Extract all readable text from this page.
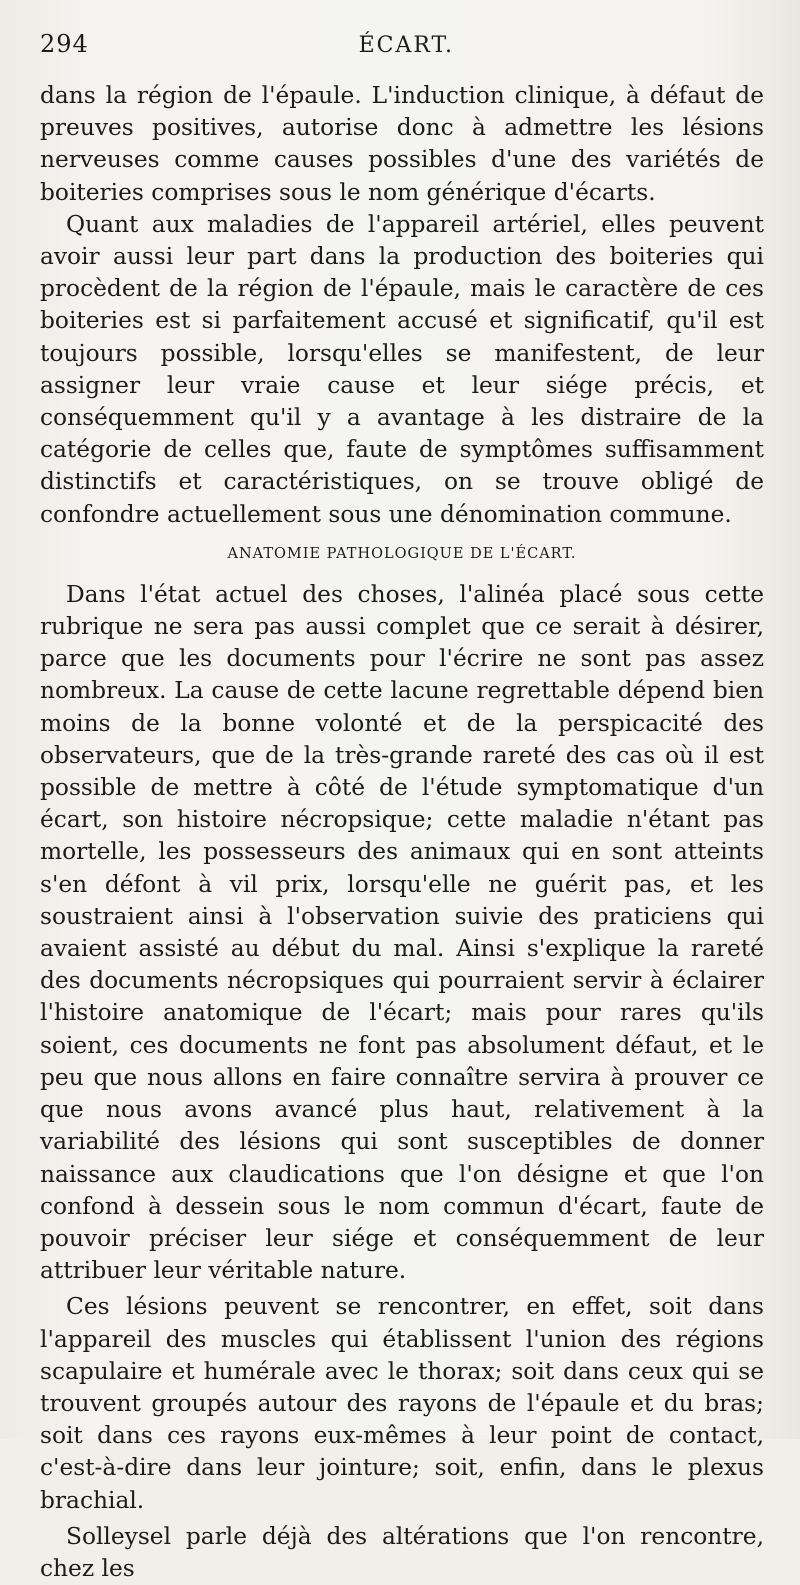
294	ÉCART.

dans la région de l'épaule. L'induction clinique, à défaut de preuves positives, autorise donc à admettre les lésions nerveuses comme causes possibles d'une des variétés de boiteries comprises sous le nom générique d'écarts.

Quant aux maladies de l'appareil artériel, elles peuvent avoir aussi leur part dans la production des boiteries qui procèdent de la région de l'épaule, mais le caractère de ces boiteries est si parfaitement accusé et significatif, qu'il est toujours possible, lorsqu'elles se manifestent, de leur assigner leur vraie cause et leur siége précis, et conséquemment qu'il y a avantage à les distraire de la catégorie de celles que, faute de symptômes suffisamment distinctifs et caractéristiques, on se trouve obligé de confondre actuellement sous une dénomination commune.

ANATOMIE PATHOLOGIQUE DE L'ÉCART.

Dans l'état actuel des choses, l'alinéa placé sous cette rubrique ne sera pas aussi complet que ce serait à désirer, parce que les documents pour l'écrire ne sont pas assez nombreux. La cause de cette lacune regrettable dépend bien moins de la bonne volonté et de la perspicacité des observateurs, que de la très-grande rareté des cas où il est possible de mettre à côté de l'étude symptomatique d'un écart, son histoire nécropsique; cette maladie n'étant pas mortelle, les possesseurs des animaux qui en sont atteints s'en défont à vil prix, lorsqu'elle ne guérit pas, et les soustraient ainsi à l'observation suivie des praticiens qui avaient assisté au début du mal. Ainsi s'explique la rareté des documents nécropsiques qui pourraient servir à éclairer l'histoire anatomique de l'écart; mais pour rares qu'ils soient, ces documents ne font pas absolument défaut, et le peu que nous allons en faire connaître servira à prouver ce que nous avons avancé plus haut, relativement à la variabilité des lésions qui sont susceptibles de donner naissance aux claudications que l'on désigne et que l'on confond à dessein sous le nom commun d'écart, faute de pouvoir préciser leur siége et conséquemment de leur attribuer leur véritable nature.

Ces lésions peuvent se rencontrer, en effet, soit dans l'appareil des muscles qui établissent l'union des régions scapulaire et humérale avec le thorax; soit dans ceux qui se trouvent groupés autour des rayons de l'épaule et du bras; soit dans ces rayons eux-mêmes à leur point de contact, c'est-à-dire dans leur jointure; soit, enfin, dans le plexus brachial.

Solleysel parle déjà des altérations que l'on rencontre, chez les
